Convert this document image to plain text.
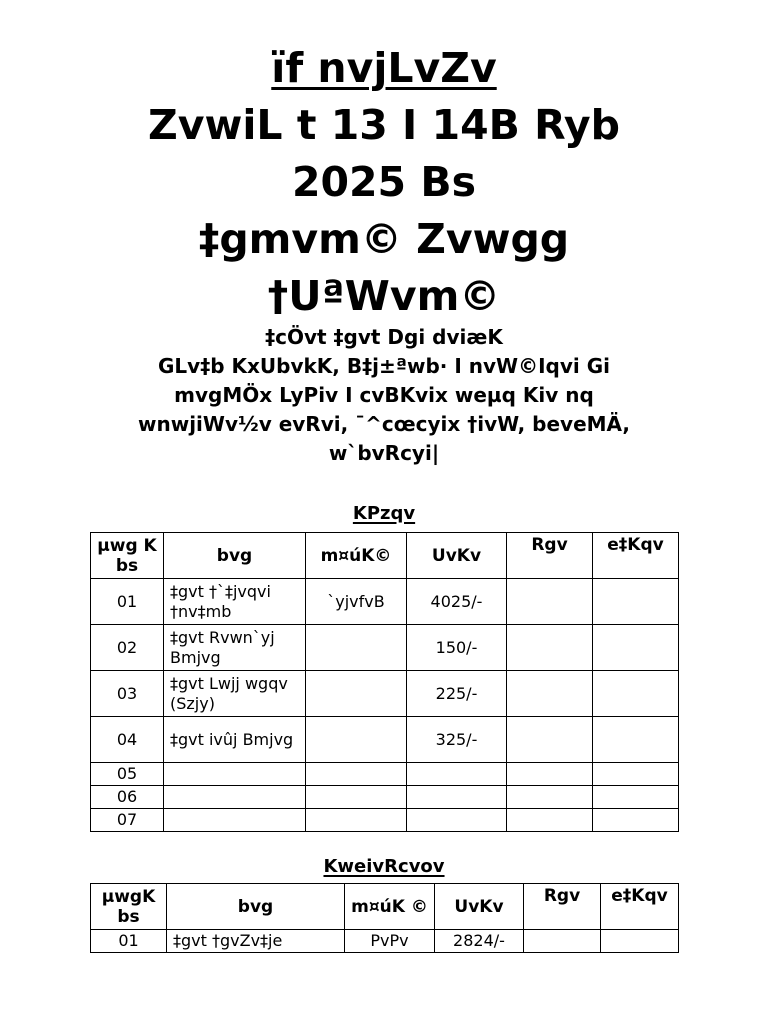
ïf nvjLvZv
ZvwiL t 13 I 14B Ryb
2025 Bs
‡gmvm© Zvwgg
†UªWvm©
‡cÖvt ‡gvt Dgi dviæK
GLv‡b KxUbvkK, B‡j±ªwb· I nvW©Iqvi Gi
mvgMÖx LyPiv I cvBKvix weµq Kiv nq
wnwjiWv½v evRvi, ¯^cœcyix †ivW, beveMÄ,
w`bvRcyi|
KPzqv
µwg K bs	bvg	m¤úK©	UvKv	Rgv	e‡Kqv
01	‡gvt †`‡jvqvi †nv‡mb	`yjvfvB	4025/-		
02	‡gvt Rvwn`yj Bmjvg		150/-		
03	‡gvt Lwjj wgqv (Szjy)		225/-		
04	‡gvt ivûj Bmjvg		325/-		
05					
06					
07					
KweivRcvov
µwgK bs	bvg	m¤úK ©	UvKv	Rgv	e‡Kqv
01	‡gvt †gvZv‡je	PvPv	2824/-		
